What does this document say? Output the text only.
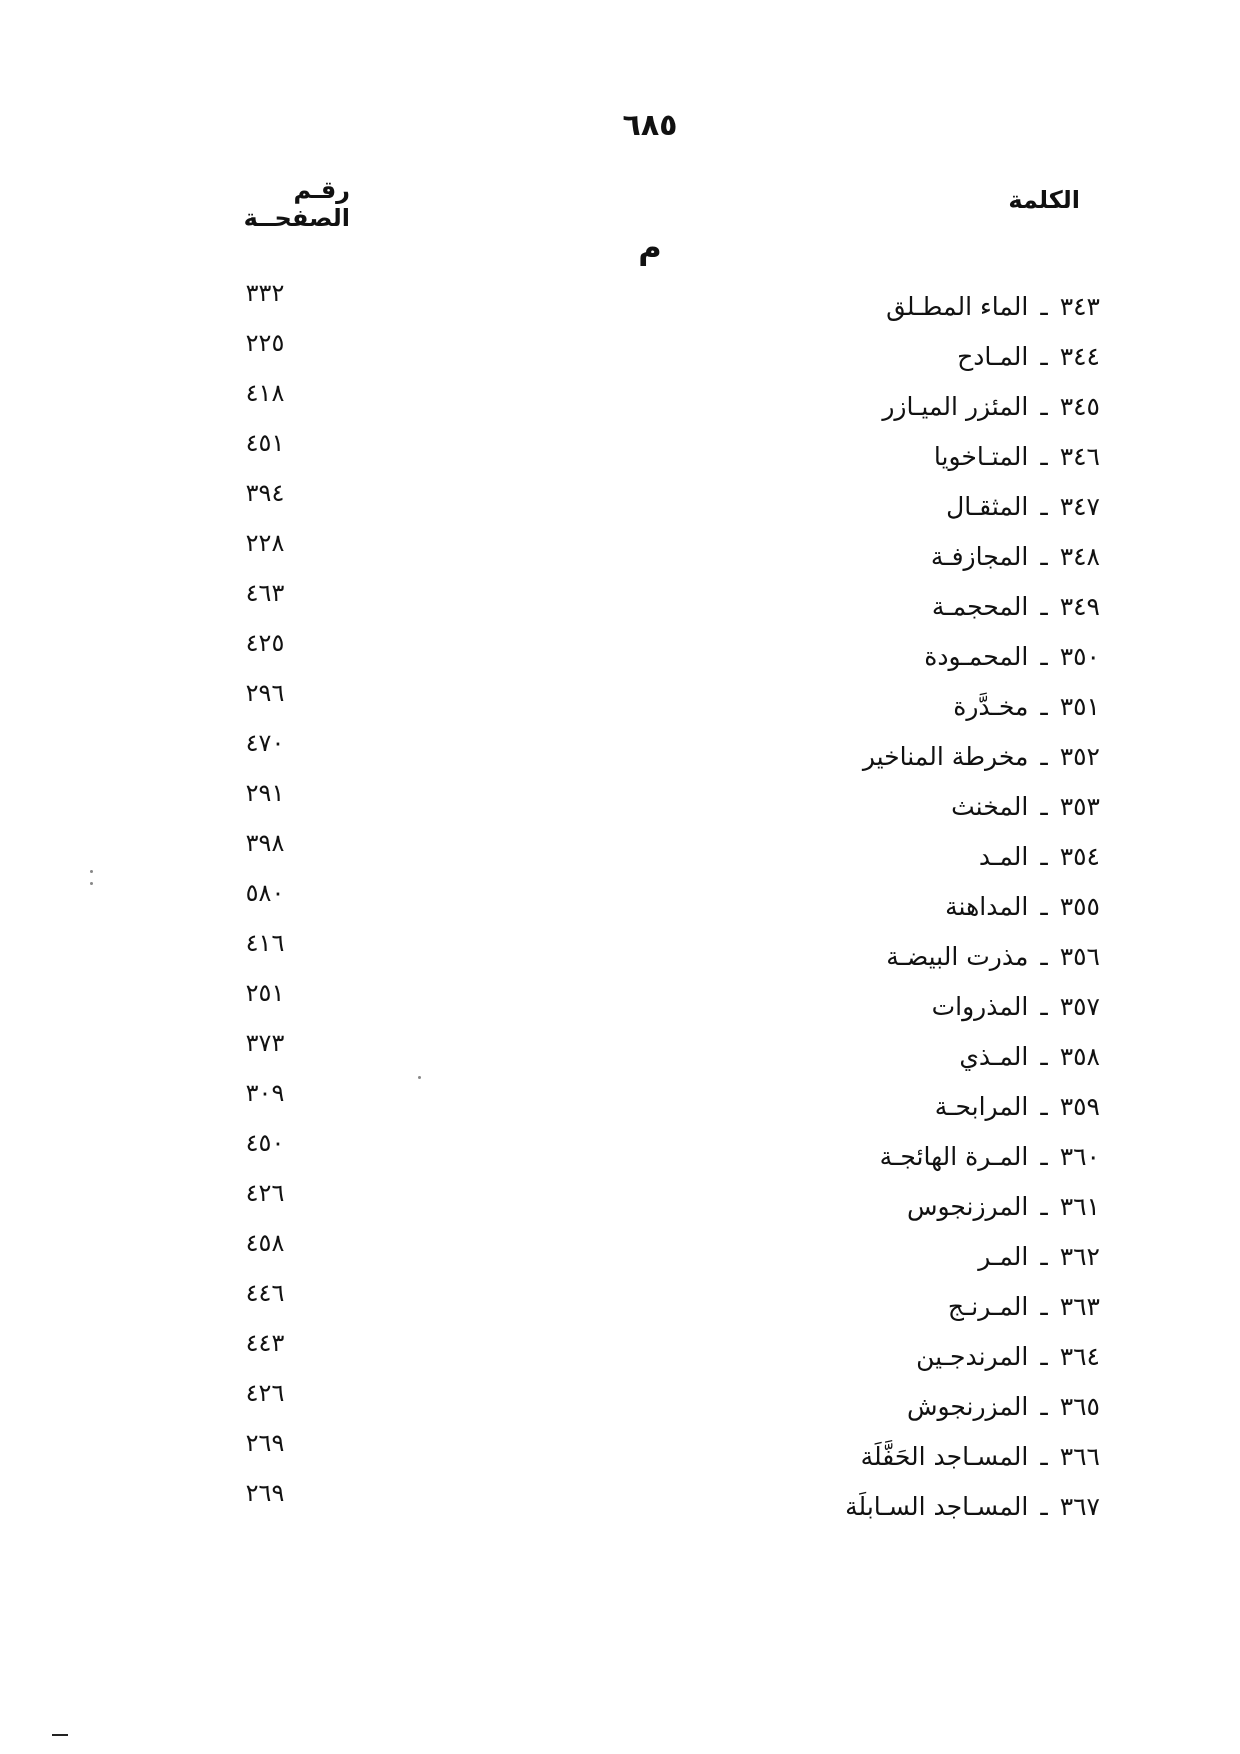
٦٨٥
الكلمة
رقـم الصفحــة
م
٣٤٣
ـ
الماء المطـلق
٣٤٤
ـ
المـادح
٣٤٥
ـ
المئزر الميـازر
٣٤٦
ـ
المتـاخويا
٣٤٧
ـ
المثقـال
٣٤٨
ـ
المجازفـة
٣٤٩
ـ
المحجمـة
٣٥٠
ـ
المحمـودة
٣٥١
ـ
مخـدَّرة
٣٥٢
ـ
مخرطة المناخير
٣٥٣
ـ
المخنث
٣٥٤
ـ
المـد
٣٥٥
ـ
المداهنة
٣٥٦
ـ
مذرت البيضـة
٣٥٧
ـ
المذروات
٣٥٨
ـ
المـذي
٣٥٩
ـ
المرابحـة
٣٦٠
ـ
المـرة الهائجـة
٣٦١
ـ
المرزنجوس
٣٦٢
ـ
المـر
٣٦٣
ـ
المـرنـج
٣٦٤
ـ
المرندجـين
٣٦٥
ـ
المزرنجوش
٣٦٦
ـ
المسـاجد الحَفَّلَة
٣٦٧
ـ
المسـاجد السـابلَة
٣٣٢
٢٢٥
٤١٨
٤٥١
٣٩٤
٢٢٨
٤٦٣
٤٢٥
٢٩٦
٤٧٠
٢٩١
٣٩٨
٥٨٠
٤١٦
٢٥١
٣٧٣
٣٠٩
٤٥٠
٤٢٦
٤٥٨
٤٤٦
٤٤٣
٤٢٦
٢٦٩
٢٦٩
